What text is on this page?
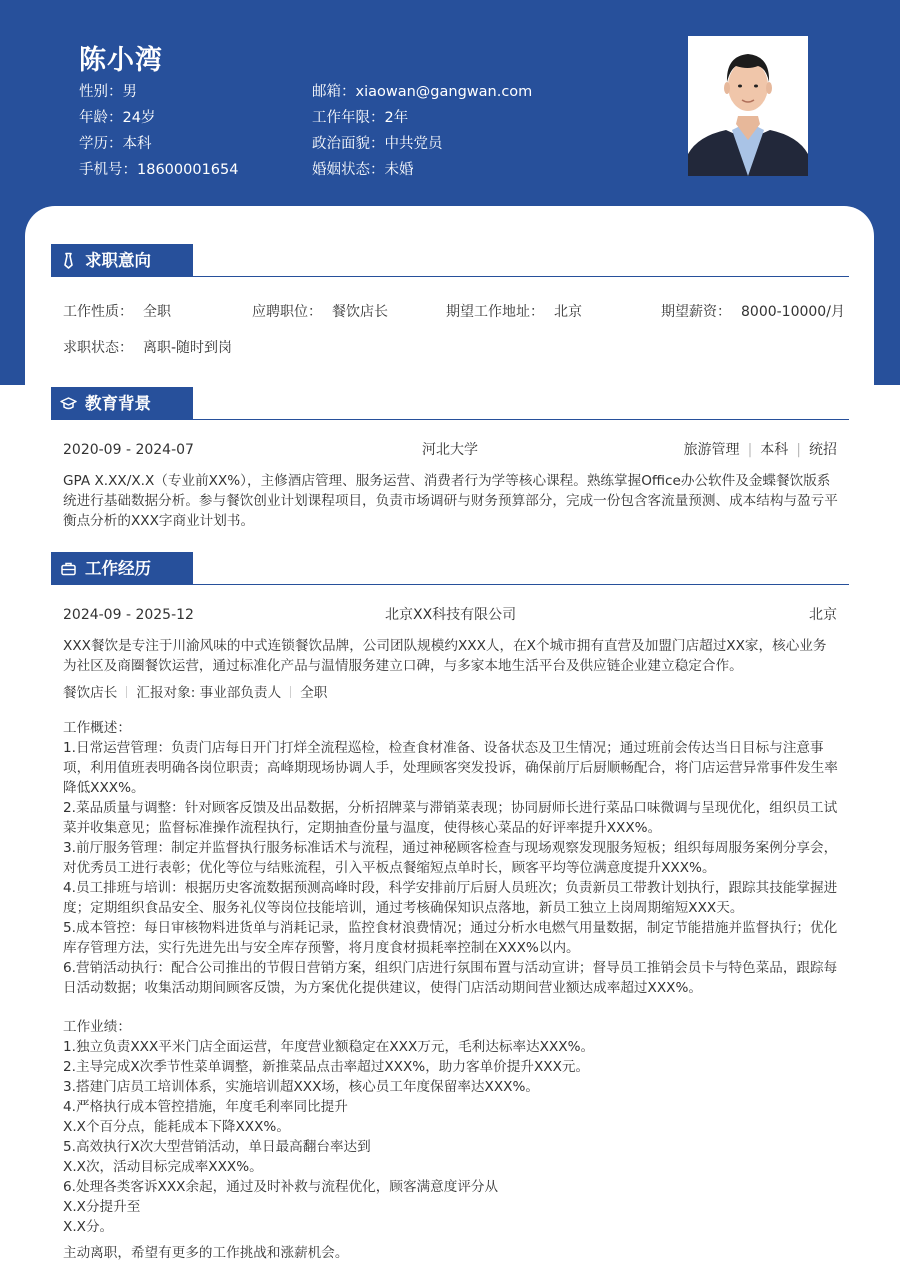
陈小湾
性别：男
年龄：24岁
学历：本科
手机号：18600001654
邮箱：xiaowan@gangwan.com
工作年限：2年
政治面貌：中共党员
婚姻状态：未婚
求职意向
工作性质： 全职	应聘职位： 餐饮店长	期望工作地址： 北京	期望薪资： 8000-10000/月
求职状态： 离职-随时到岗
教育背景
2020-09 - 2024-07	河北大学	旅游管理 | 本科 | 统招
GPA X.XX/X.X（专业前XX%），主修酒店管理、服务运营、消费者行为学等核心课程。熟练掌握Office办公软件及金蝶餐饮版系统进行基础数据分析。参与餐饮创业计划课程项目，负责市场调研与财务预算部分，完成一份包含客流量预测、成本结构与盈亏平衡点分析的XXX字商业计划书。
工作经历
2024-09 - 2025-12	北京XX科技有限公司	北京
XXX餐饮是专注于川渝风味的中式连锁餐饮品牌，公司团队规模约XXX人，在X个城市拥有直营及加盟门店超过XX家，核心业务为社区及商圈餐饮运营，通过标准化产品与温情服务建立口碑，与多家本地生活平台及供应链企业建立稳定合作。
餐饮店长 汇报对象: 事业部负责人 全职
工作概述：
1.日常运营管理：负责门店每日开门打烊全流程巡检，检查食材准备、设备状态及卫生情况；通过班前会传达当日目标与注意事项，利用值班表明确各岗位职责；高峰期现场协调人手，处理顾客突发投诉，确保前厅后厨顺畅配合，将门店运营异常事件发生率降低XXX%。
2.菜品质量与调整：针对顾客反馈及出品数据，分析招牌菜与滞销菜表现；协同厨师长进行菜品口味微调与呈现优化，组织员工试菜并收集意见；监督标准操作流程执行，定期抽查份量与温度，使得核心菜品的好评率提升XXX%。
3.前厅服务管理：制定并监督执行服务标准话术与流程，通过神秘顾客检查与现场观察发现服务短板；组织每周服务案例分享会，对优秀员工进行表彰；优化等位与结账流程，引入平板点餐缩短点单时长，顾客平均等位满意度提升XXX%。
4.员工排班与培训：根据历史客流数据预测高峰时段，科学安排前厅后厨人员班次；负责新员工带教计划执行，跟踪其技能掌握进度；定期组织食品安全、服务礼仪等岗位技能培训，通过考核确保知识点落地，新员工独立上岗周期缩短XXX天。
5.成本管控：每日审核物料进货单与消耗记录，监控食材浪费情况；通过分析水电燃气用量数据，制定节能措施并监督执行；优化库存管理方法，实行先进先出与安全库存预警，将月度食材损耗率控制在XXX%以内。
6.营销活动执行：配合公司推出的节假日营销方案，组织门店进行氛围布置与活动宣讲；督导员工推销会员卡与特色菜品，跟踪每日活动数据；收集活动期间顾客反馈，为方案优化提供建议，使得门店活动期间营业额达成率超过XXX%。
工作业绩：
1.独立负责XXX平米门店全面运营，年度营业额稳定在XXX万元，毛利达标率达XXX%。
2.主导完成X次季节性菜单调整，新推菜品点击率超过XXX%，助力客单价提升XXX元。
3.搭建门店员工培训体系，实施培训超XXX场，核心员工年度保留率达XXX%。
4.严格执行成本管控措施，年度毛利率同比提升
X.X个百分点，能耗成本下降XXX%。
5.高效执行X次大型营销活动，单日最高翻台率达到
X.X次，活动目标完成率XXX%。
6.处理各类客诉XXX余起，通过及时补救与流程优化，顾客满意度评分从
X.X分提升至
X.X分。
主动离职，希望有更多的工作挑战和涨薪机会。
